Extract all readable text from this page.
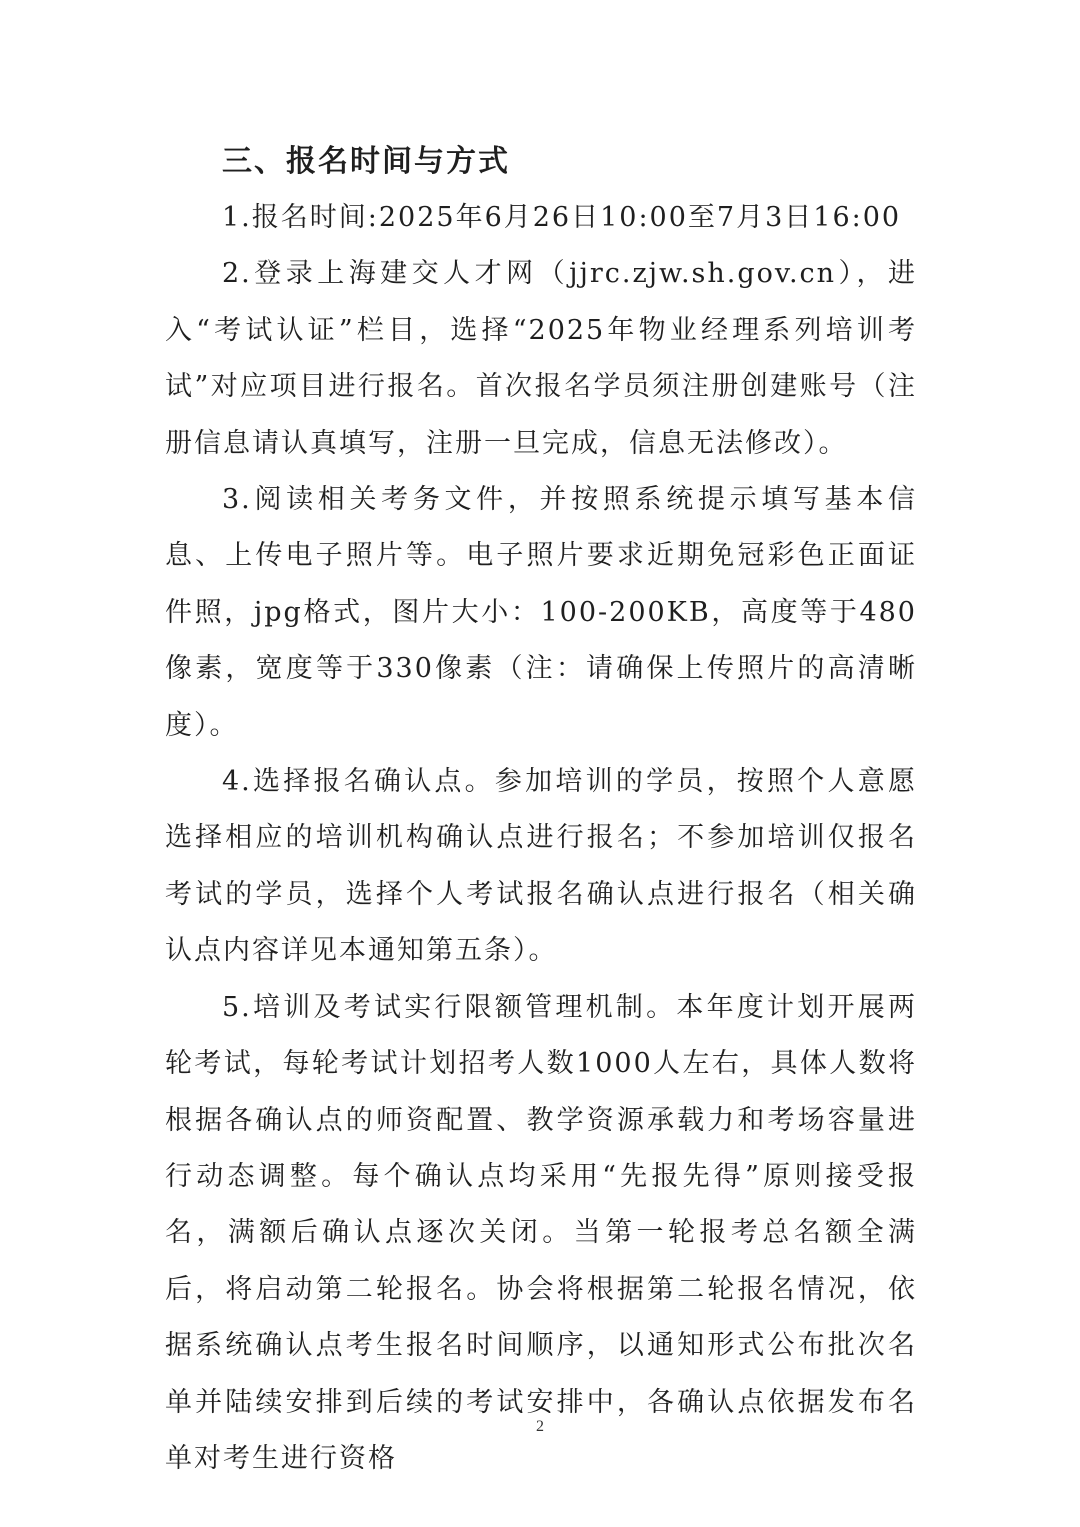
三、报名时间与方式

1.报名时间:2025年6月26日10:00至7月3日16:00

2.登录上海建交人才网（jjrc.zjw.sh.gov.cn），进入“考试认证”栏目，选择“2025年物业经理系列培训考试”对应项目进行报名。首次报名学员须注册创建账号（注册信息请认真填写，注册一旦完成，信息无法修改）。

3.阅读相关考务文件，并按照系统提示填写基本信息、上传电子照片等。电子照片要求近期免冠彩色正面证件照，jpg格式，图片大小：100-200KB，高度等于480像素，宽度等于330像素（注：请确保上传照片的高清晰度）。

4.选择报名确认点。参加培训的学员，按照个人意愿选择相应的培训机构确认点进行报名；不参加培训仅报名考试的学员，选择个人考试报名确认点进行报名（相关确认点内容详见本通知第五条）。

5.培训及考试实行限额管理机制。本年度计划开展两轮考试，每轮考试计划招考人数1000人左右，具体人数将根据各确认点的师资配置、教学资源承载力和考场容量进行动态调整。每个确认点均采用“先报先得”原则接受报名，满额后确认点逐次关闭。当第一轮报考总名额全满后，将启动第二轮报名。协会将根据第二轮报名情况，依据系统确认点考生报名时间顺序，以通知形式公布批次名单并陆续安排到后续的考试安排中，各确认点依据发布名单对考生进行资格

2
